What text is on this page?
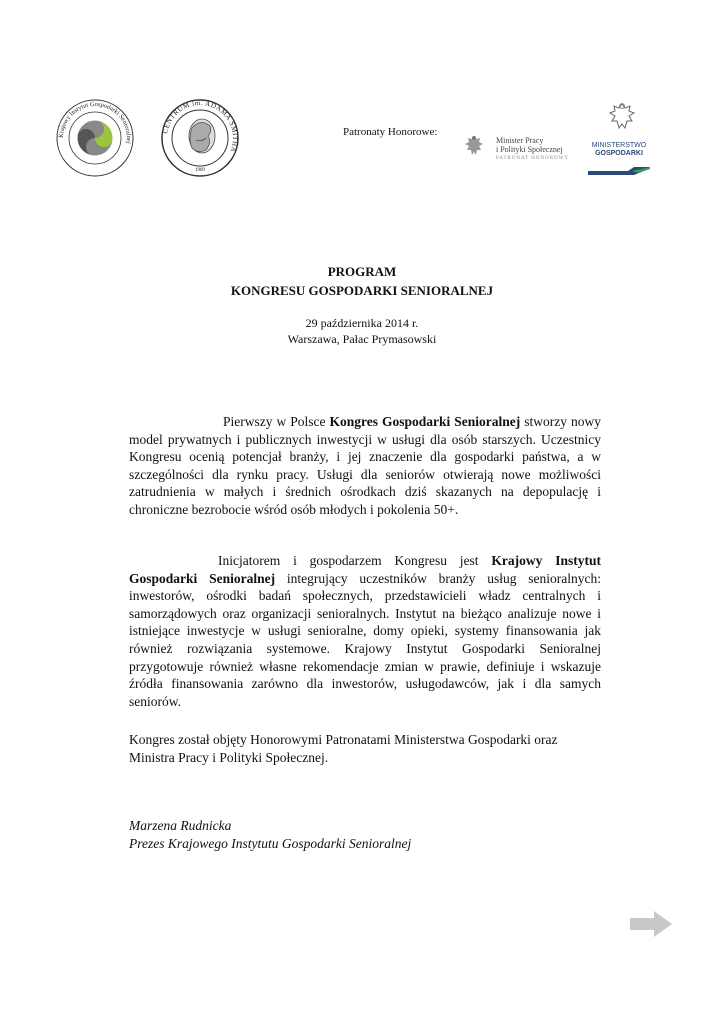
Krajowy Instytut Gospodarki Senioralnej
CENTRUM im. ADAMA SMITHA
1989
Patronaty Honorowe:
Minister Pracy
i Polityki Społecznej
PATRONAT HONOROWY
MINISTERSTWO
GOSPODARKI
PROGRAM
KONGRESU GOSPODARKI SENIORALNEJ
29 października 2014 r.
Warszawa, Pałac Prymasowski
Pierwszy w Polsce Kongres Gospodarki Senioralnej stworzy nowy model prywatnych i publicznych inwestycji w usługi dla osób starszych. Uczestnicy Kongresu ocenią potencjał branży, i jej znaczenie dla gospodarki państwa, a w szczególności dla rynku pracy. Usługi dla seniorów otwierają nowe możliwości zatrudnienia w małych i średnich ośrodkach dziś skazanych na depopulację i chroniczne bezrobocie wśród osób młodych i pokolenia 50+.
Inicjatorem i gospodarzem Kongresu jest Krajowy Instytut Gospodarki Senioralnej integrujący uczestników branży usług senioralnych: inwestorów, ośrodki badań społecznych, przedstawicieli władz centralnych i samorządowych oraz organizacji senioralnych. Instytut na bieżąco analizuje nowe i istniejące inwestycje w usługi senioralne, domy opieki, systemy finansowania jak również rozwiązania systemowe. Krajowy Instytut Gospodarki Senioralnej przygotowuje również własne rekomendacje zmian w prawie, definiuje i wskazuje źródła finansowania zarówno dla inwestorów, usługodawców, jak i dla samych seniorów.
Kongres został objęty Honorowymi Patronatami Ministerstwa Gospodarki oraz Ministra Pracy i Polityki Społecznej.
Marzena Rudnicka
Prezes Krajowego Instytutu Gospodarki Senioralnej
